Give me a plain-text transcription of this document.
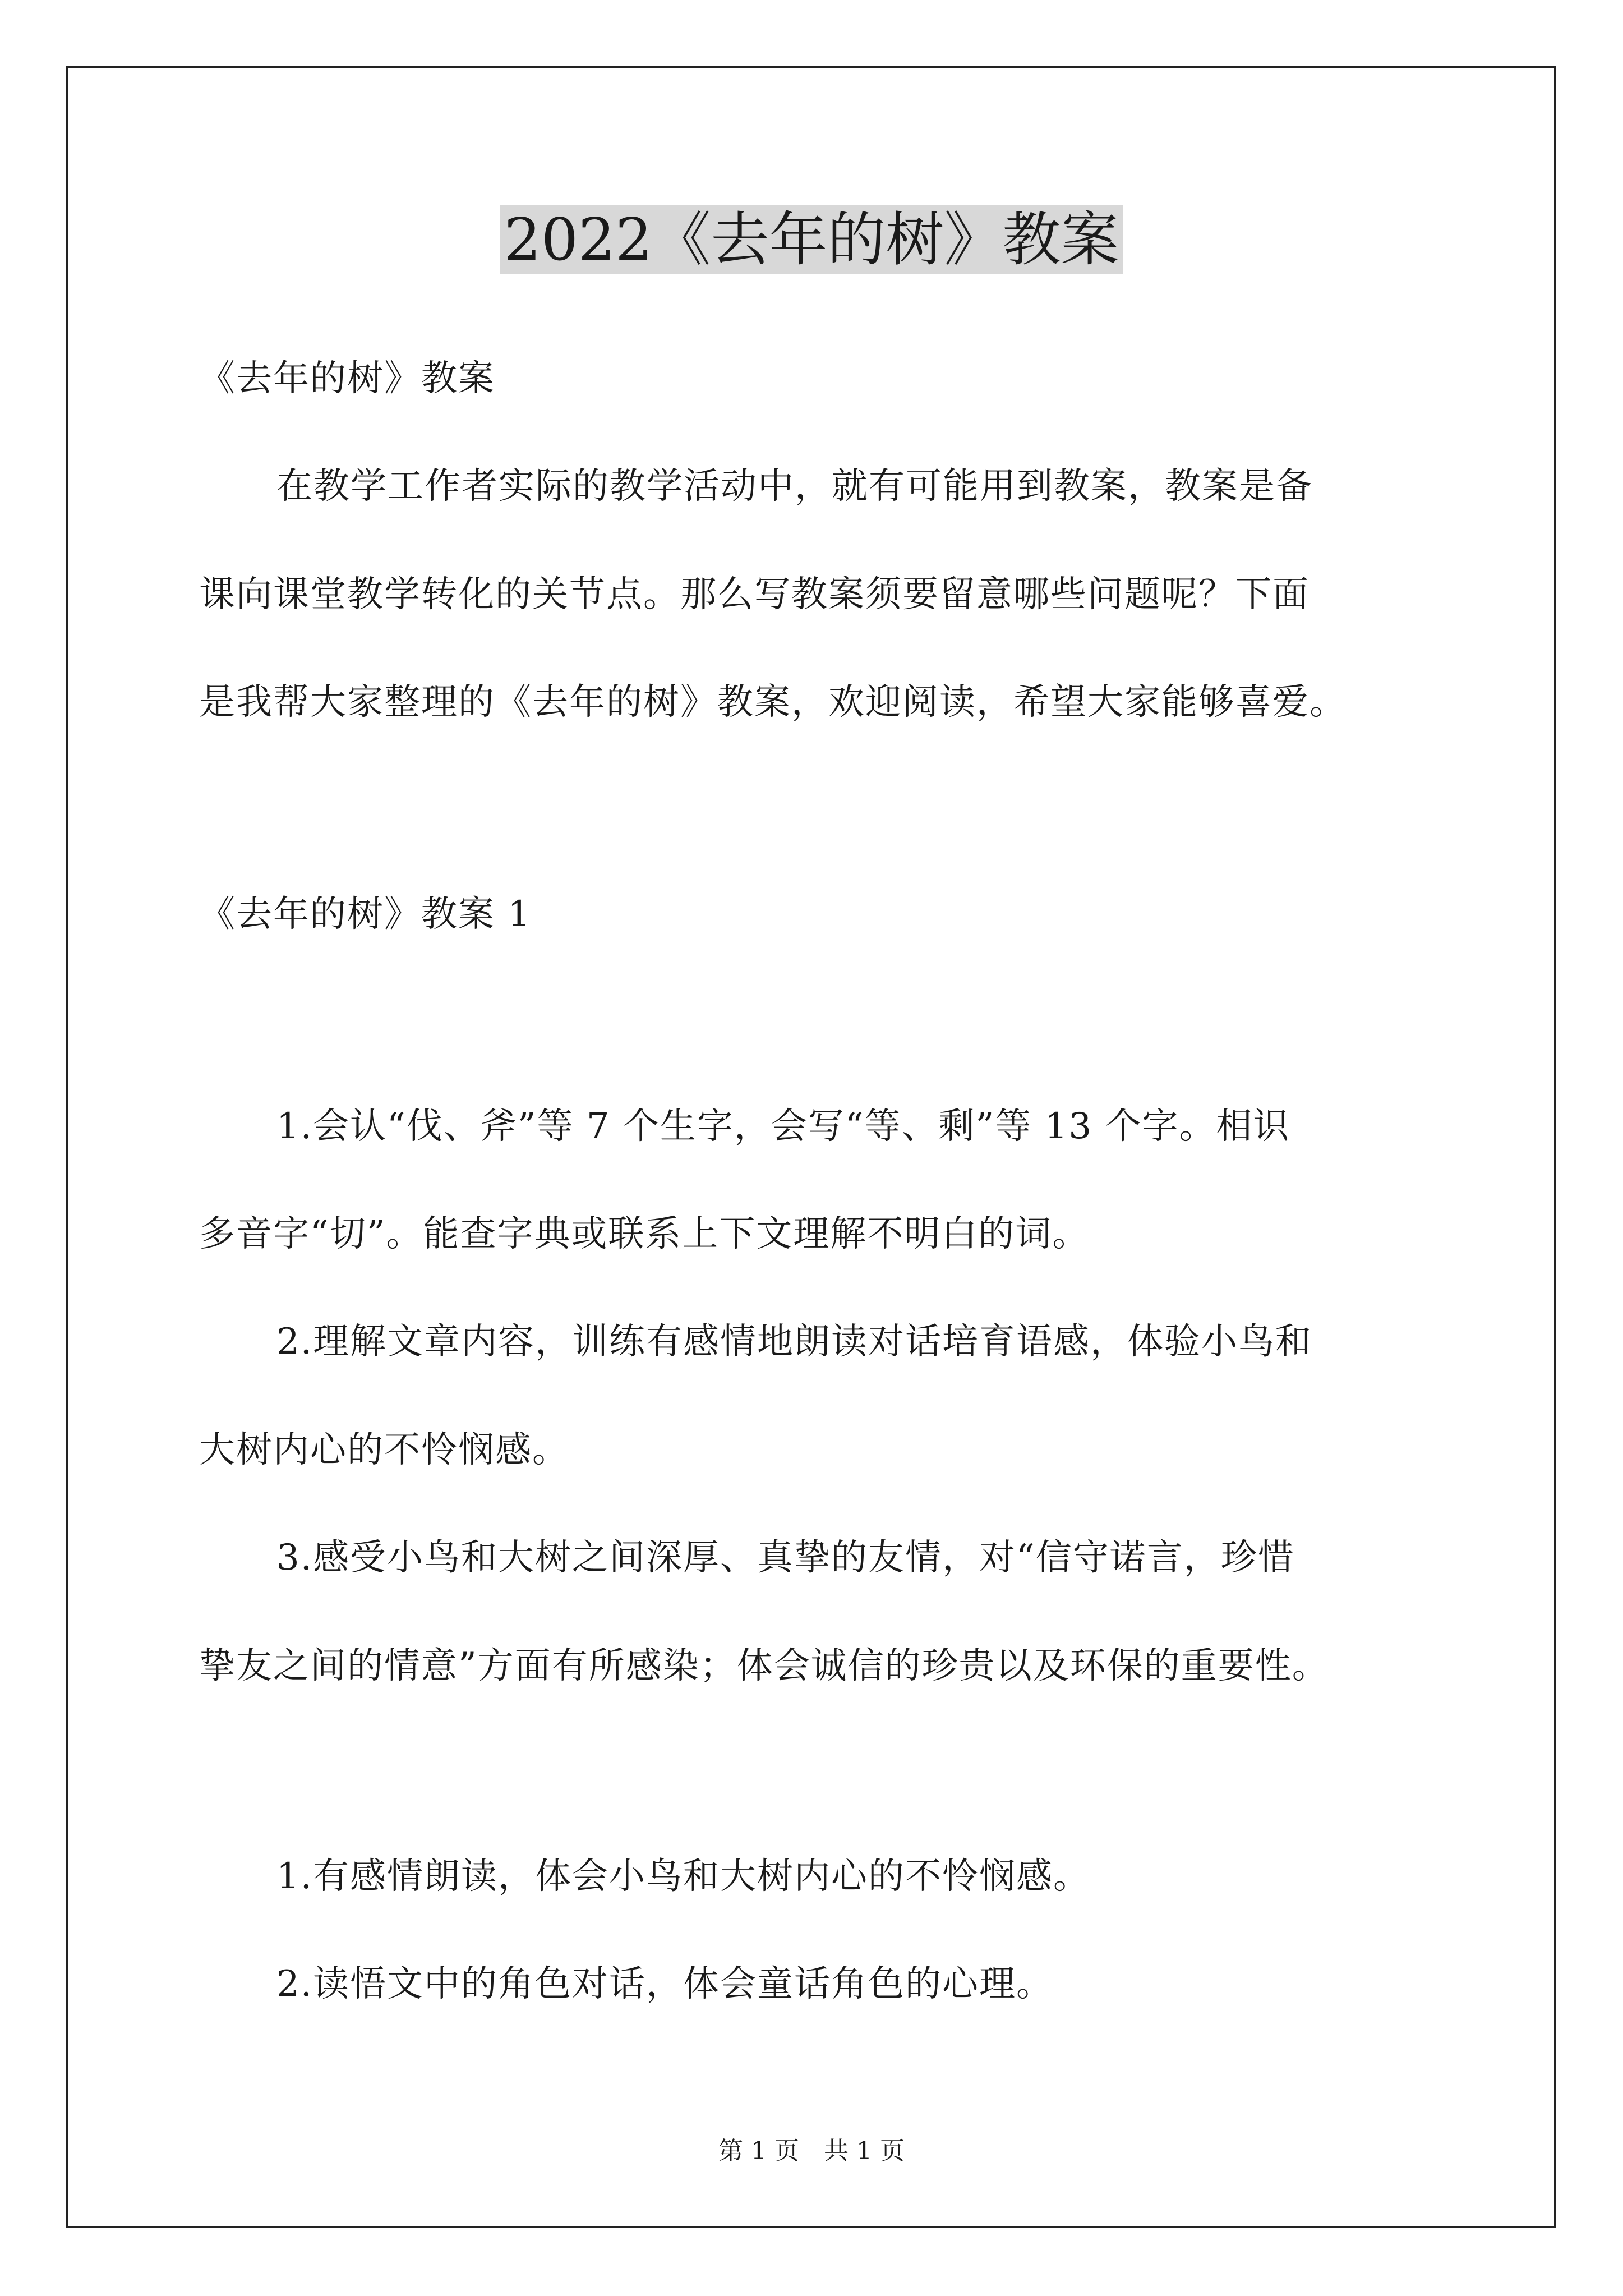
2022《去年的树》教案
《去年的树》教案
在教学工作者实际的教学活动中，就有可能用到教案，教案是备
课向课堂教学转化的关节点。那么写教案须要留意哪些问题呢？下面
是我帮大家整理的《去年的树》教案，欢迎阅读，希望大家能够喜爱。
《去年的树》教案 1
1.会认“伐、斧”等 7 个生字，会写“等、剩”等 13 个字。相识
多音字“切”。能查字典或联系上下文理解不明白的词。
2.理解文章内容，训练有感情地朗读对话培育语感，体验小鸟和
大树内心的不怜悯感。
3.感受小鸟和大树之间深厚、真挚的友情，对“信守诺言，珍惜
挚友之间的情意”方面有所感染；体会诚信的珍贵以及环保的重要性。
1.有感情朗读，体会小鸟和大树内心的不怜悯感。
2.读悟文中的角色对话，体会童话角色的心理。
第 1 页　共 1 页
